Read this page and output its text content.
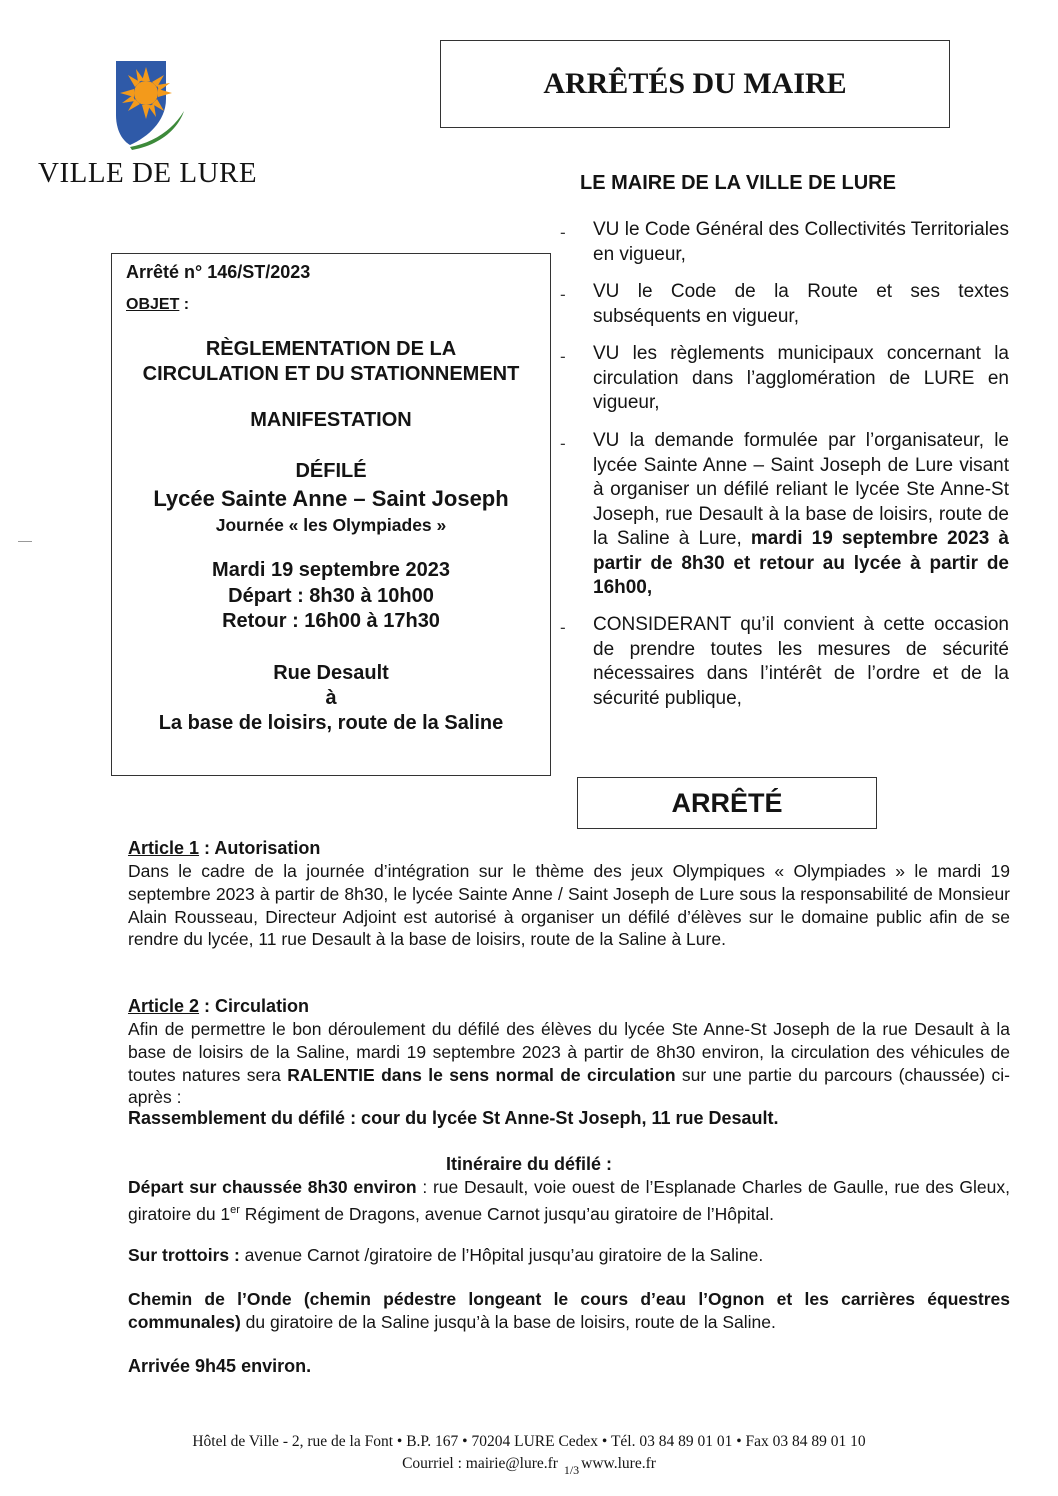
VILLE DE LURE
ARRÊTÉS DU MAIRE
LE MAIRE DE LA VILLE DE LURE
Arrêté n° 146/ST/2023
OBJET :
RÈGLEMENTATION DE LA
CIRCULATION ET DU STATIONNEMENT
MANIFESTATION
DÉFILÉ
Lycée Sainte Anne – Saint Joseph
Journée « les Olympiades »
Mardi 19 septembre 2023
Départ : 8h30 à 10h00
Retour : 16h00 à 17h30
Rue Desault
à
La base de loisirs, route de la Saline
- VU le Code Général des Collectivités Territoriales en vigueur,
- VU le Code de la Route et ses textes subséquents en vigueur,
- VU les règlements municipaux concernant la circulation dans l’agglomération de LURE en vigueur,
- VU la demande formulée par l’organisateur, le lycée Sainte Anne – Saint Joseph de Lure visant à organiser un défilé reliant le lycée Ste Anne-St Joseph, rue Desault à la base de loisirs, route de la Saline à Lure, mardi 19 septembre 2023 à partir de 8h30 et retour au lycée à partir de 16h00,
- CONSIDERANT qu’il convient à cette occasion de prendre toutes les mesures de sécurité nécessaires dans l’intérêt de l’ordre et de la sécurité publique,
ARRÊTÉ
Article 1 : Autorisation
Dans le cadre de la journée d’intégration sur le thème des jeux Olympiques « Olympiades » le mardi 19 septembre 2023 à partir de 8h30, le lycée Sainte Anne / Saint Joseph de Lure sous la responsabilité de Monsieur Alain Rousseau, Directeur Adjoint est autorisé à organiser un défilé d’élèves sur le domaine public afin de se rendre du lycée, 11 rue Desault à la base de loisirs, route de la Saline à Lure.
Article 2 : Circulation
Afin de permettre le bon déroulement du défilé des élèves du lycée Ste Anne-St Joseph de la rue Desault à la base de loisirs de la Saline, mardi 19 septembre 2023 à partir de 8h30 environ, la circulation des véhicules de toutes natures sera RALENTIE dans le sens normal de circulation sur une partie du parcours (chaussée) ci-après :
Rassemblement du défilé : cour du lycée St Anne-St Joseph, 11 rue Desault.
Itinéraire du défilé :
Départ sur chaussée 8h30 environ : rue Desault, voie ouest de l’Esplanade Charles de Gaulle, rue des Gleux, giratoire du 1er Régiment de Dragons, avenue Carnot jusqu’au giratoire de l’Hôpital.
Sur trottoirs : avenue Carnot /giratoire de l’Hôpital jusqu’au giratoire de la Saline.
Chemin de l’Onde (chemin pédestre longeant le cours d’eau l’Ognon et les carrières équestres communales) du giratoire de la Saline jusqu’à la base de loisirs, route de la Saline.
Arrivée 9h45 environ.
Hôtel de Ville - 2, rue de la Font • B.P. 167 • 70204 LURE Cedex • Tél. 03 84 89 01 01 • Fax 03 84 89 01 10
Courriel : mairie@lure.fr $_{1/3}$ www.lure.fr
